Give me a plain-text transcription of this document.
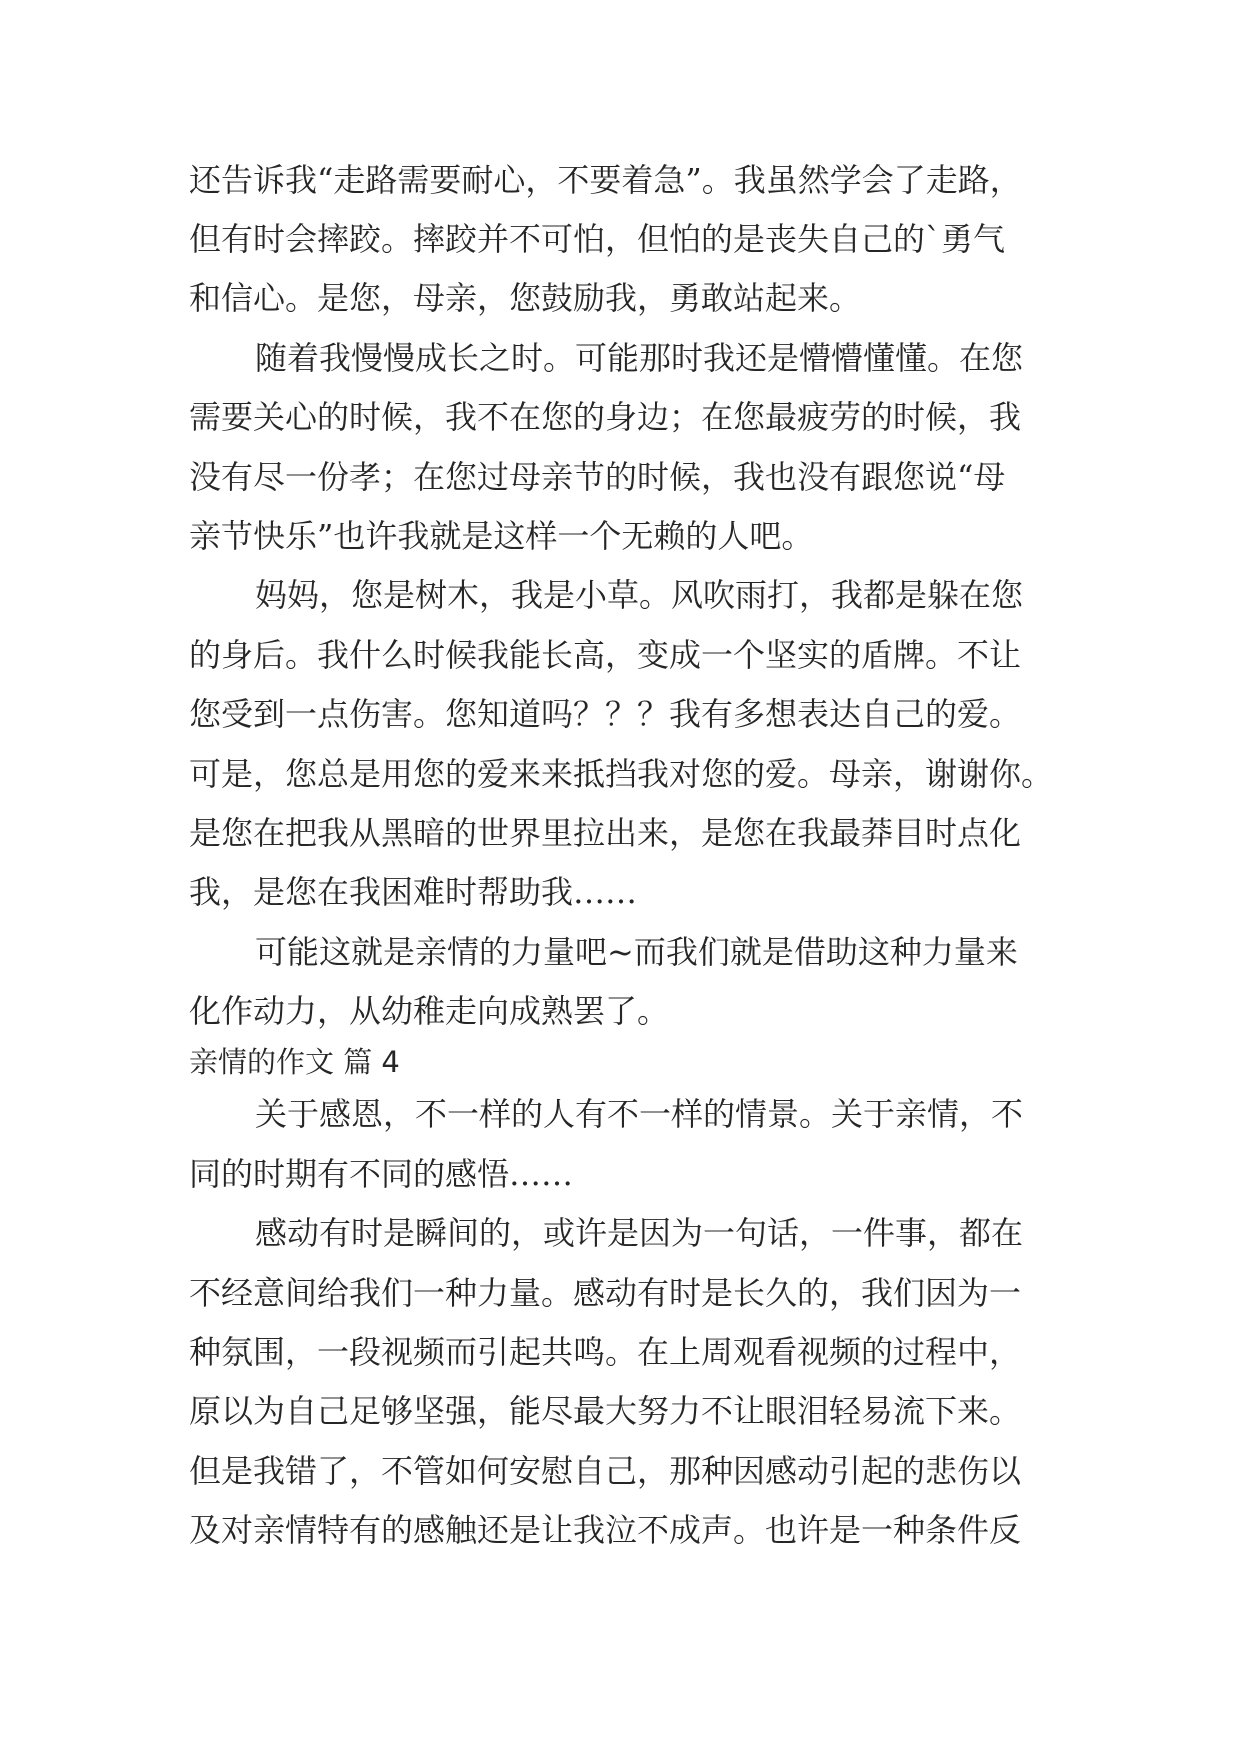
还告诉我“走路需要耐心，不要着急”。我虽然学会了走路，

但有时会摔跤。摔跤并不可怕，但怕的是丧失自己的`勇气

和信心。是您，母亲，您鼓励我，勇敢站起来。

随着我慢慢成长之时。可能那时我还是懵懵懂懂。在您

需要关心的时候，我不在您的身边；在您最疲劳的时候，我

没有尽一份孝；在您过母亲节的时候，我也没有跟您说“母

亲节快乐”也许我就是这样一个无赖的人吧。

妈妈，您是树木，我是小草。风吹雨打，我都是躲在您

的身后。我什么时候我能长高，变成一个坚实的盾牌。不让

您受到一点伤害。您知道吗？？？我有多想表达自己的爱。

可是，您总是用您的爱来来抵挡我对您的爱。母亲，谢谢你。

是您在把我从黑暗的世界里拉出来，是您在我最莽目时点化

我，是您在我困难时帮助我……

可能这就是亲情的力量吧~而我们就是借助这种力量来

化作动力，从幼稚走向成熟罢了。

亲情的作文 篇 4

关于感恩，不一样的人有不一样的情景。关于亲情，不

同的时期有不同的感悟……

感动有时是瞬间的，或许是因为一句话，一件事，都在

不经意间给我们一种力量。感动有时是长久的，我们因为一

种氛围，一段视频而引起共鸣。在上周观看视频的过程中，

原以为自己足够坚强，能尽最大努力不让眼泪轻易流下来。

但是我错了，不管如何安慰自己，那种因感动引起的悲伤以

及对亲情特有的感触还是让我泣不成声。也许是一种条件反
